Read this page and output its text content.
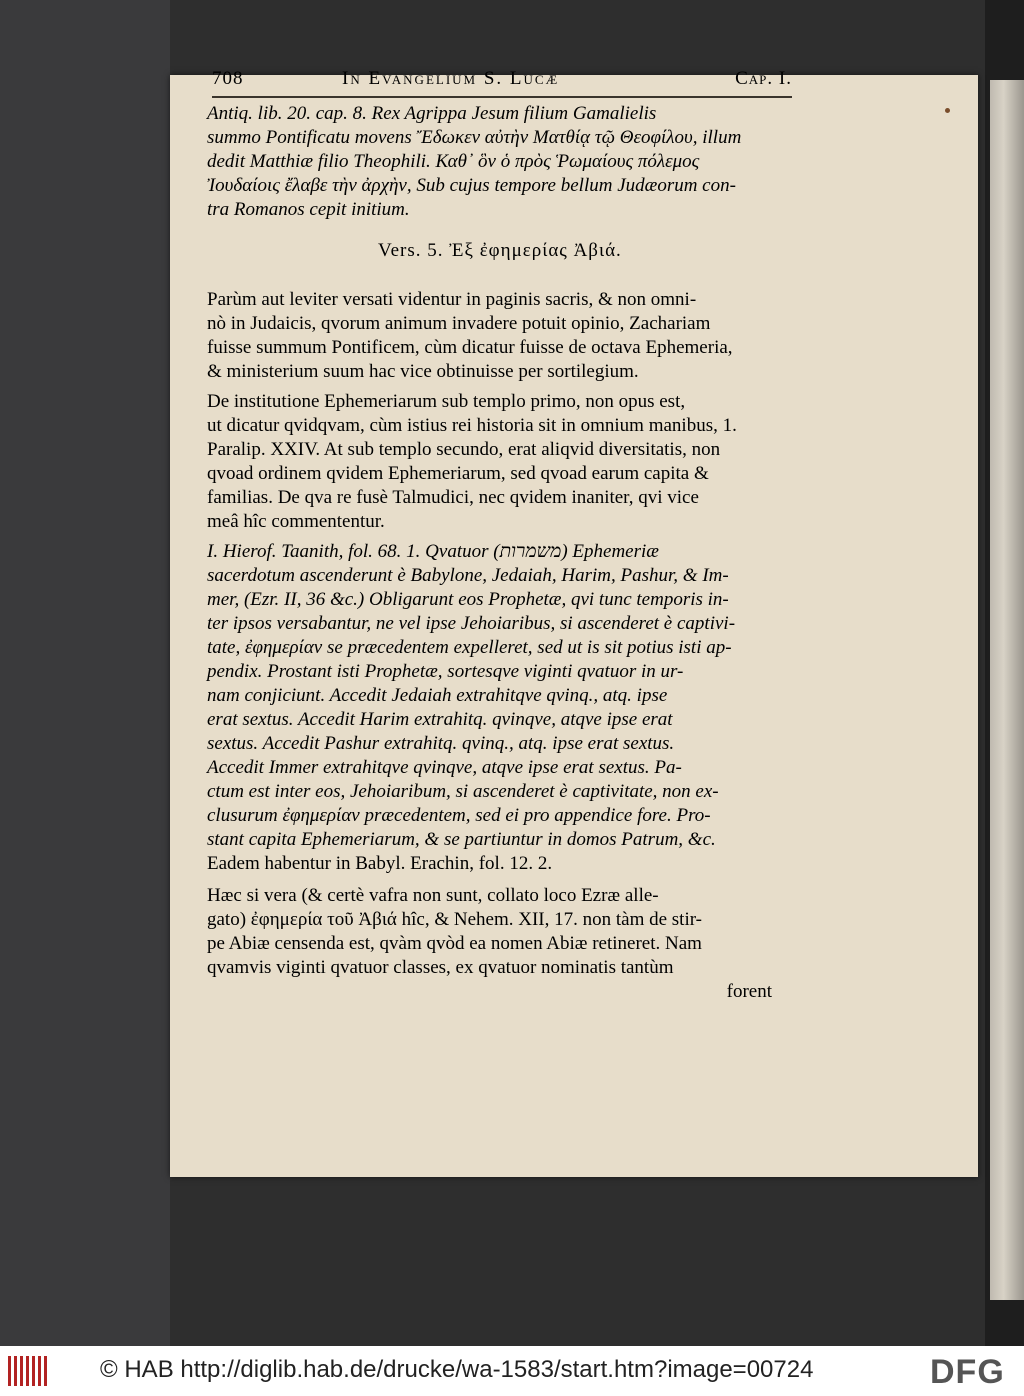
708	In Evangelium S. Lucæ	Cap. I.
Antiq. lib. 20. cap. 8. Rex Agrippa Jesum filium Gamalielis
summo Pontificatu movens Ἔδωκεν αὐτὴν Ματθίᾳ τῷ Θεοφίλου, illum
dedit Matthiæ filio Theophili. Καθ᾽ ὃν ὁ πρὸς Ῥωμαίους πόλεμος
Ἰουδαίοις ἔλαβε τὴν ἀρχὴν, Sub cujus tempore bellum Judæorum con-
tra Romanos cepit initium.
Vers. 5. Ἐξ ἐφημερίας Ἀβιά.
Parùm aut leviter versati videntur in paginis sacris, & non omni-
nò in Judaicis, qvorum animum invadere potuit opinio, Zachariam
fuisse summum Pontificem, cùm dicatur fuisse de octava Ephemeria,
& ministerium suum hac vice obtinuisse per sortilegium.
De institutione Ephemeriarum sub templo primo, non opus est,
ut dicatur qvidqvam, cùm istius rei historia sit in omnium manibus, 1.
Paralip. XXIV. At sub templo secundo, erat aliqvid diversitatis, non
qvoad ordinem qvidem Ephemeriarum, sed qvoad earum capita &
familias. De qva re fusè Talmudici, nec qvidem inaniter, qvi vice
meâ hîc commententur.
I. Hierof. Taanith, fol. 68. 1. Qvatuor (משמרות) Ephemeriæ
sacerdotum ascenderunt è Babylone, Jedaiah, Harim, Pashur, & Im-
mer, (Ezr. II, 36 &c.) Obligarunt eos Prophetæ, qvi tunc temporis in-
ter ipsos versabantur, ne vel ipse Jehoiaribus, si ascenderet è captivi-
tate, ἐφημερίαν se præcedentem expelleret, sed ut is sit potius isti ap-
pendix. Prostant isti Prophetæ, sortesqve viginti qvatuor in ur-
nam conjiciunt. Accedit Jedaiah extrahitqve qvinq., atq. ipse
erat sextus. Accedit Harim extrahitq. qvinqve, atqve ipse erat
sextus. Accedit Pashur extrahitq. qvinq., atq. ipse erat sextus.
Accedit Immer extrahitqve qvinqve, atqve ipse erat sextus. Pa-
ctum est inter eos, Jehoiaribum, si ascenderet è captivitate, non ex-
clusurum ἐφημερίαν præcedentem, sed ei pro appendice fore. Pro-
stant capita Ephemeriarum, & se partiuntur in domos Patrum, &c.
Eadem habentur in Babyl. Erachin, fol. 12. 2.
Hæc si vera (& certè vafra non sunt, collato loco Ezræ alle-
gato) ἐφημερία τοῦ Ἀβιά hîc, & Nehem. XII, 17. non tàm de stir-
pe Abiæ censenda est, qvàm qvòd ea nomen Abiæ retineret. Nam
qvamvis viginti qvatuor classes, ex qvatuor nominatis tantùm
forent
© HAB http://diglib.hab.de/drucke/wa-1583/start.htm?image=00724	DFG
